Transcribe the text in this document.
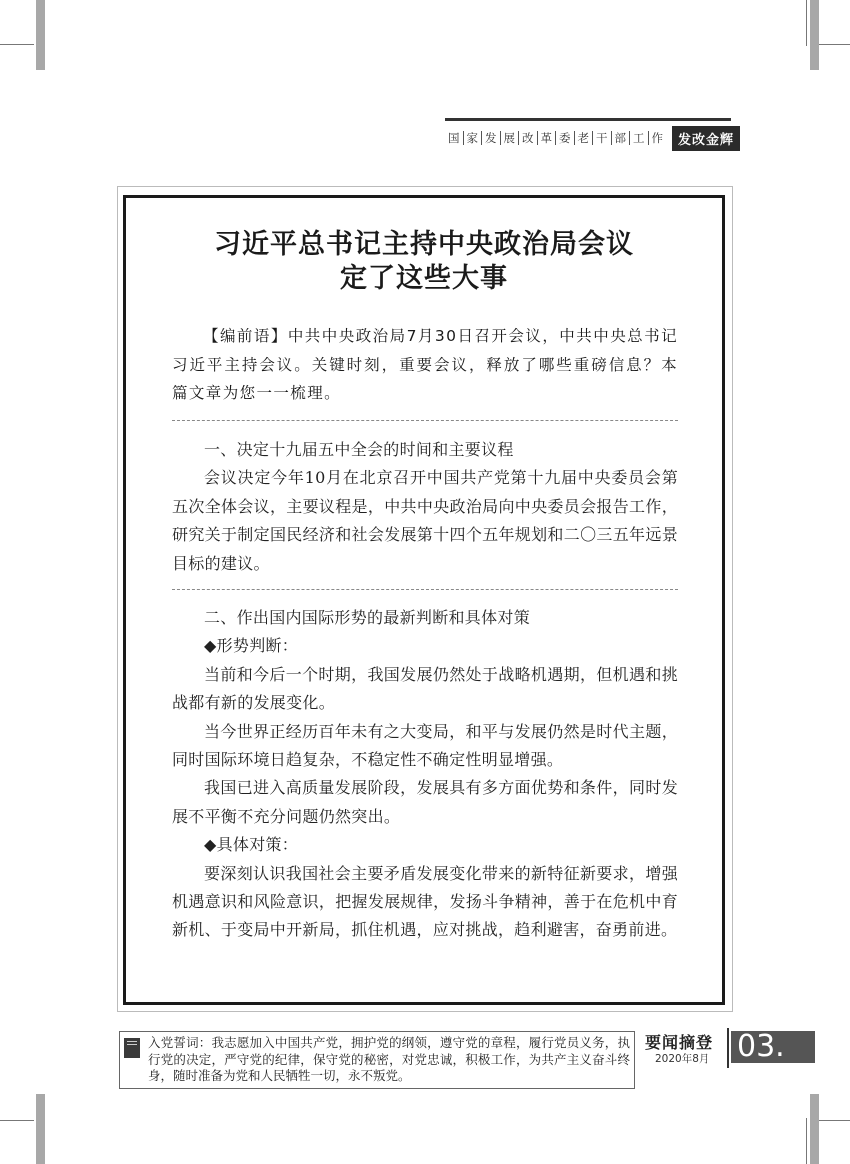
国 家 发 展 改 革 委 老 干 部 工 作	发改金辉
习近平总书记主持中央政治局会议
定了这些大事
【编前语】中共中央政治局7月30日召开会议，中共中央总书记习近平主持会议。关键时刻，重要会议，释放了哪些重磅信息？本篇文章为您一一梳理。

一、决定十九届五中全会的时间和主要议程

会议决定今年10月在北京召开中国共产党第十九届中央委员会第五次全体会议，主要议程是，中共中央政治局向中央委员会报告工作，研究关于制定国民经济和社会发展第十四个五年规划和二〇三五年远景目标的建议。

二、作出国内国际形势的最新判断和具体对策

◆形势判断：

当前和今后一个时期，我国发展仍然处于战略机遇期，但机遇和挑战都有新的发展变化。

当今世界正经历百年未有之大变局，和平与发展仍然是时代主题，同时国际环境日趋复杂，不稳定性不确定性明显增强。

我国已进入高质量发展阶段，发展具有多方面优势和条件，同时发展不平衡不充分问题仍然突出。

◆具体对策：

要深刻认识我国社会主要矛盾发展变化带来的新特征新要求，增强机遇意识和风险意识，把握发展规律，发扬斗争精神，善于在危机中育新机、于变局中开新局，抓住机遇，应对挑战，趋利避害，奋勇前进。

入党誓词：我志愿加入中国共产党，拥护党的纲领，遵守党的章程，履行党员义务，执行党的决定，严守党的纪律，保守党的秘密，对党忠诚，积极工作，为共产主义奋斗终身，随时准备为党和人民牺牲一切，永不叛党。
要闻摘登
2020年8月 03.
